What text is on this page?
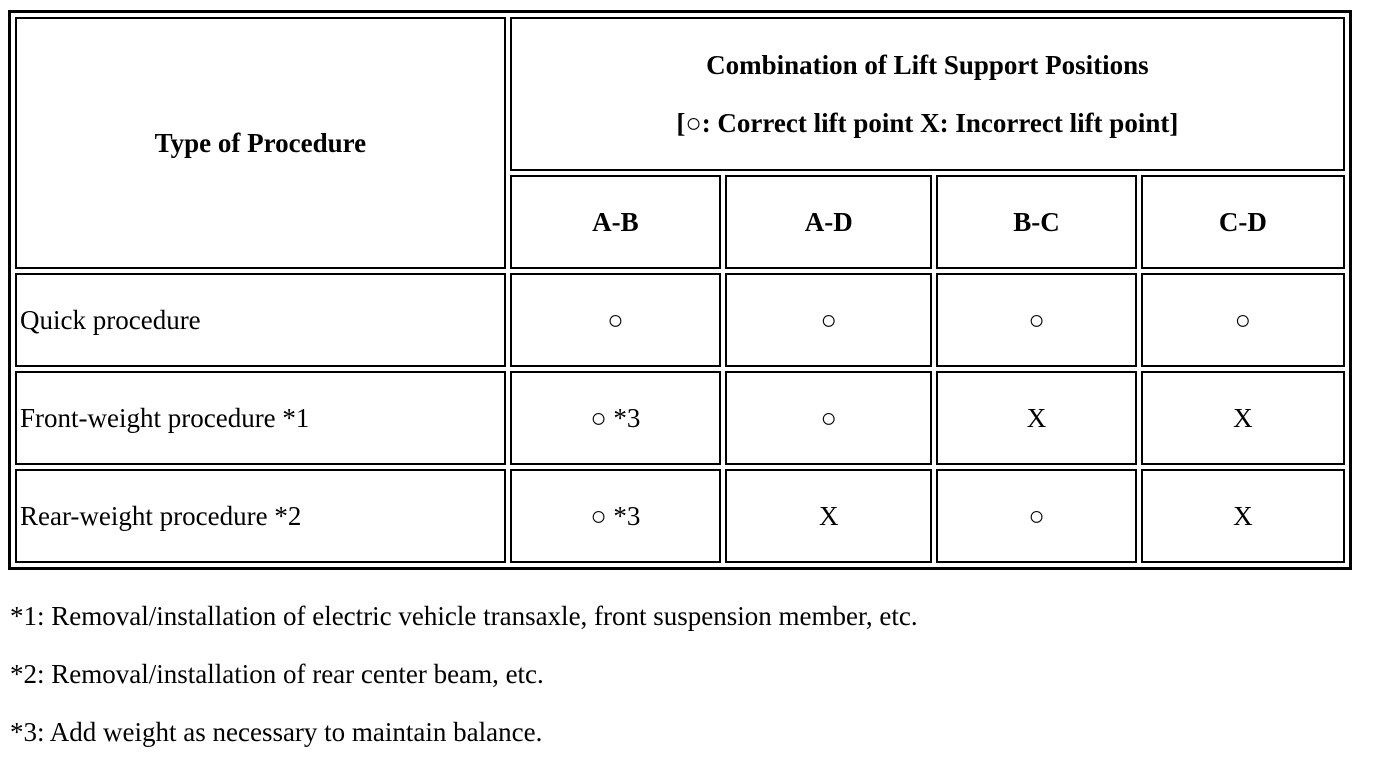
Type of Procedure	Combination of Lift Support Positions
[○: Correct lift point X: Incorrect lift point]			

	A-B	A-D	B-C	C-D
Quick procedure	○	○	○	○
Front-weight procedure *1	○ *3	○	X	X
Rear-weight procedure *2	○ *3	X	○	X
*1: Removal/installation of electric vehicle transaxle, front suspension member, etc.
*2: Removal/installation of rear center beam, etc.
*3: Add weight as necessary to maintain balance.
